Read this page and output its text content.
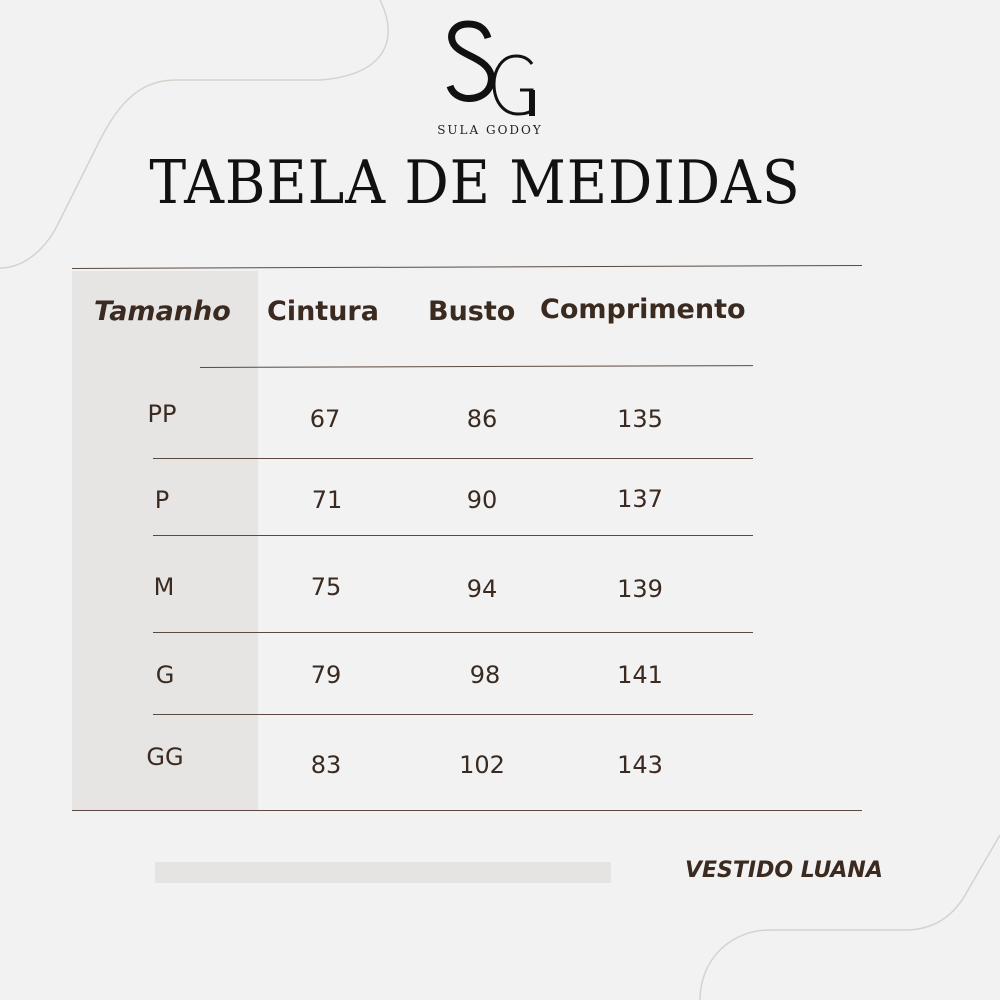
SULA GODOY
TABELA DE MEDIDAS
Tamanho Cintura Busto Comprimento
PP	67	86	135
P	71	90	137
M	75	94	139
G	79	98	141
GG	83	102	143
VESTIDO LUANA
